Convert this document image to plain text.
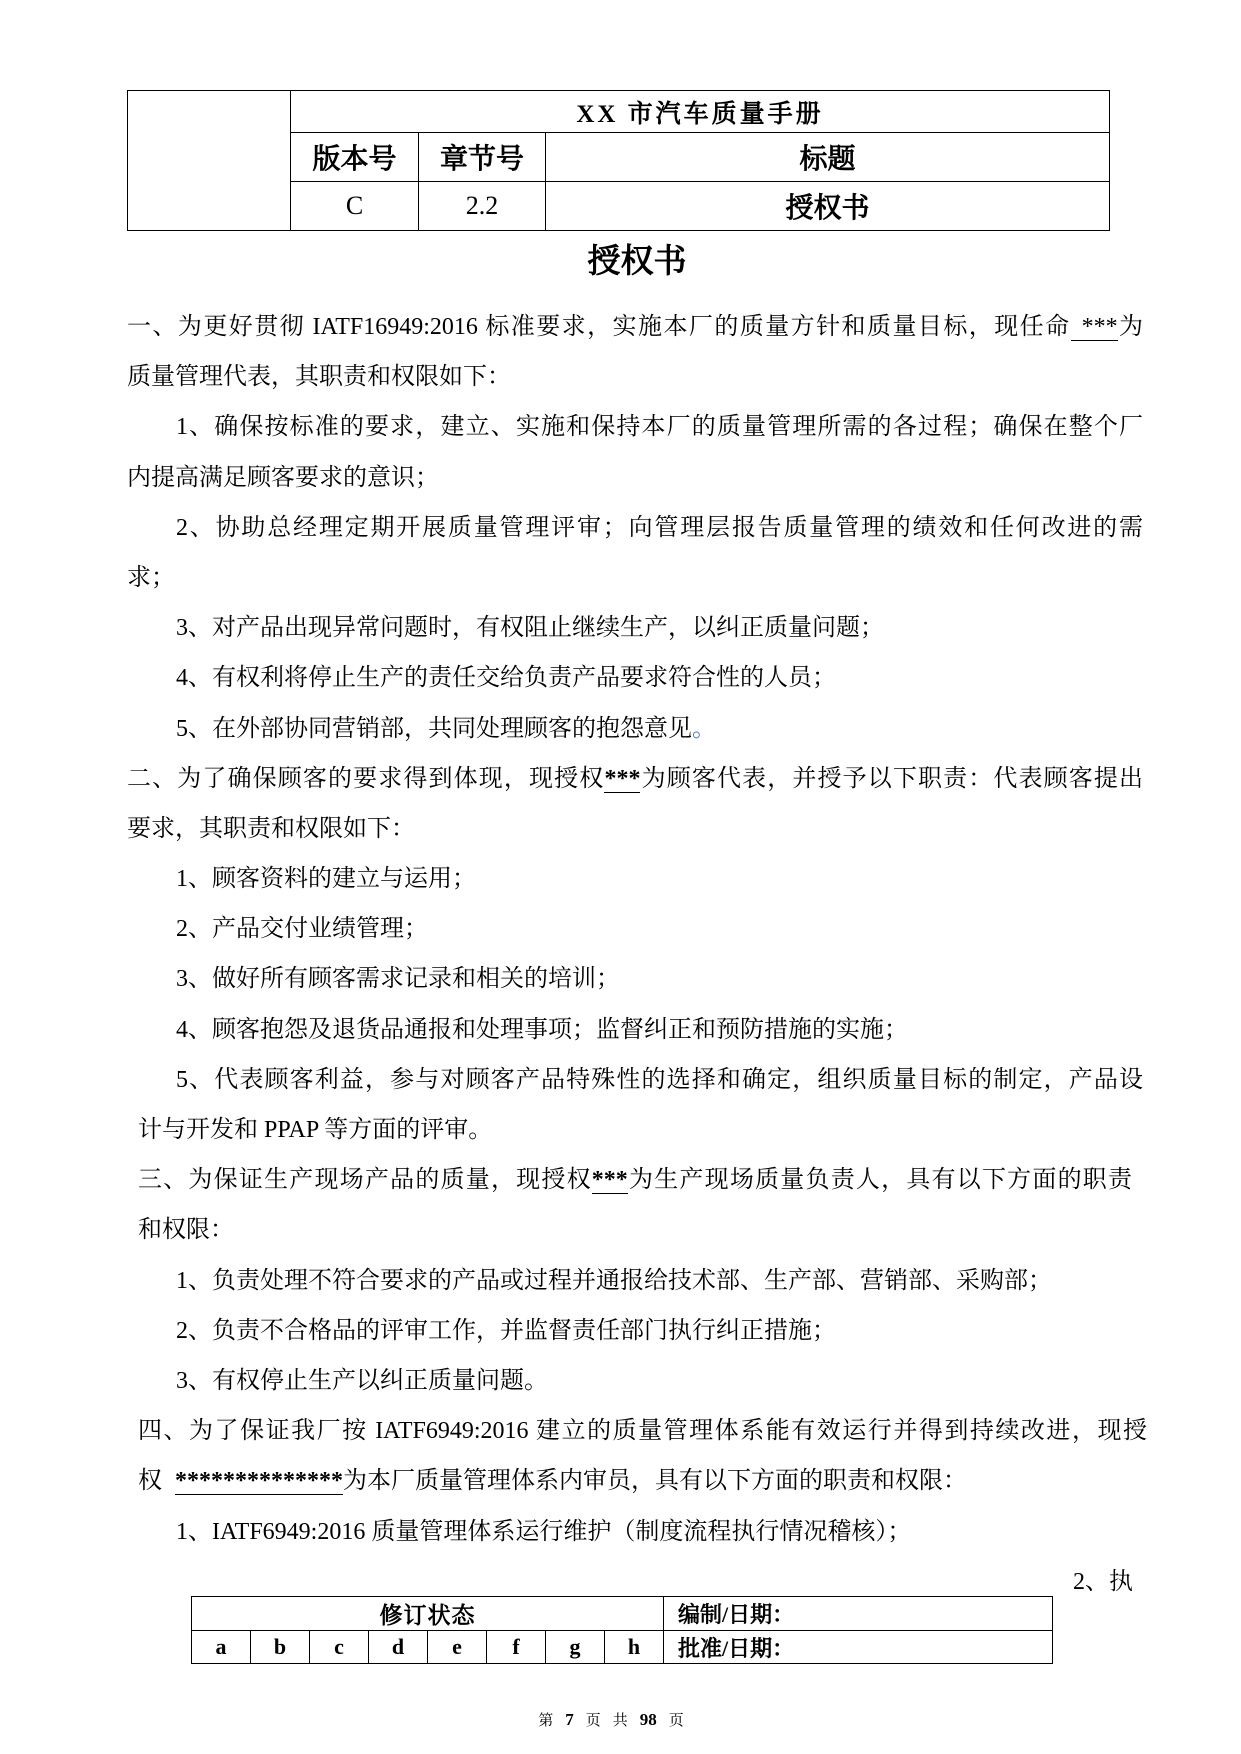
	XX 市汽车质量手册		
	版本号	章节号	标题
	C	2.2	授权书
授权书
一、为更好贯彻 IATF16949:2016 标准要求，实施本厂的质量方针和质量目标，现任命 ***为
质量管理代表，其职责和权限如下：
1、确保按标准的要求，建立、实施和保持本厂的质量管理所需的各过程；确保在整个厂
内提高满足顾客要求的意识；
2、协助总经理定期开展质量管理评审；向管理层报告质量管理的绩效和任何改进的需
求；
3、对产品出现异常问题时，有权阻止继续生产，以纠正质量问题；
4、有权利将停止生产的责任交给负责产品要求符合性的人员；
5、在外部协同营销部，共同处理顾客的抱怨意见。
二、为了确保顾客的要求得到体现，现授权***为顾客代表，并授予以下职责：代表顾客提出
要求，其职责和权限如下：
1、顾客资料的建立与运用；
2、产品交付业绩管理；
3、做好所有顾客需求记录和相关的培训；
4、顾客抱怨及退货品通报和处理事项；监督纠正和预防措施的实施；
5、代表顾客利益，参与对顾客产品特殊性的选择和确定，组织质量目标的制定，产品设
计与开发和 PPAP 等方面的评审。
三、为保证生产现场产品的质量，现授权***为生产现场质量负责人，具有以下方面的职责
和权限：
1、负责处理不符合要求的产品或过程并通报给技术部、生产部、营销部、采购部；
2、负责不合格品的评审工作，并监督责任部门执行纠正措施；
3、有权停止生产以纠正质量问题。
四、为了保证我厂按 IATF6949:2016 建立的质量管理体系能有效运行并得到持续改进，现授
权 **************为本厂质量管理体系内审员，具有以下方面的职责和权限：
1、IATF6949:2016 质量管理体系运行维护（制度流程执行情况稽核）；
2、执
修订状态								编制/日期：
a	b	c	d	e	f	g	h	批准/日期：
第 7 页 共 98 页
